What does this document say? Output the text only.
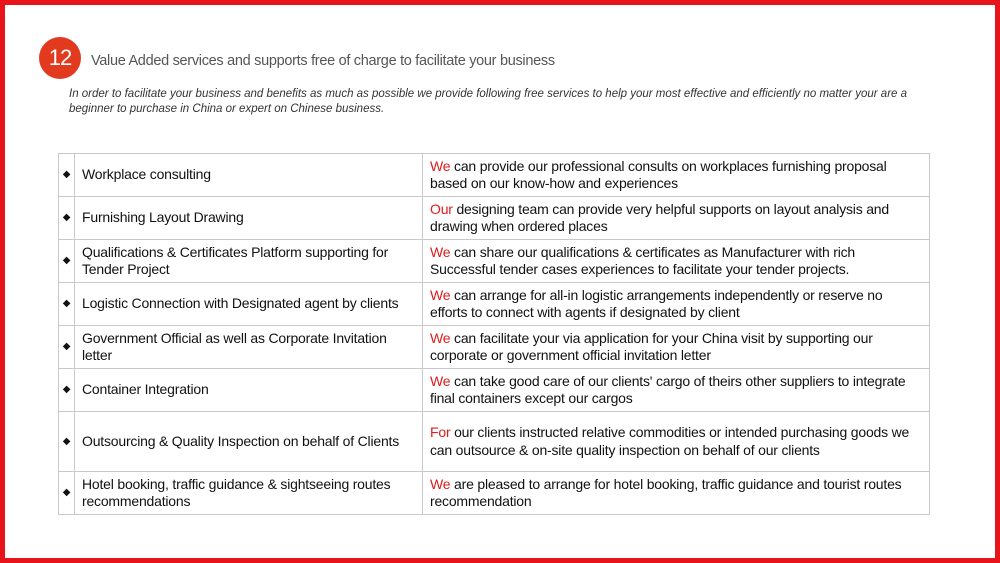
12	Value Added services and supports free of charge to facilitate your business
In order to facilitate your business and benefits as much as possible we provide following free services to help your most effective and efficiently no matter your are a beginner to purchase in China or expert on Chinese business.
◆	Workplace consulting	We can provide our professional consults on workplaces furnishing proposal based on our know-how and experiences
◆	Furnishing Layout Drawing	Our designing team can provide very helpful supports on layout analysis and drawing when ordered places
◆	Qualifications & Certificates Platform supporting for Tender Project	We can share our qualifications & certificates as Manufacturer with rich Successful tender cases experiences to facilitate your tender projects.
◆	Logistic Connection with Designated agent by clients	We can arrange for all-in logistic arrangements independently or reserve no efforts to connect with agents if designated by client
◆	Government Official as well as Corporate Invitation letter	We can facilitate your via application for your China visit by supporting our corporate or government official invitation letter
◆	Container Integration	We can take good care of our clients' cargo of theirs other suppliers to integrate final containers except our cargos
◆	Outsourcing & Quality Inspection on behalf of Clients	For our clients instructed relative commodities or intended purchasing goods we can outsource & on-site quality inspection on behalf of our clients
◆	Hotel booking, traffic guidance & sightseeing routes recommendations	We are pleased to arrange for hotel booking, traffic guidance and tourist routes recommendation
